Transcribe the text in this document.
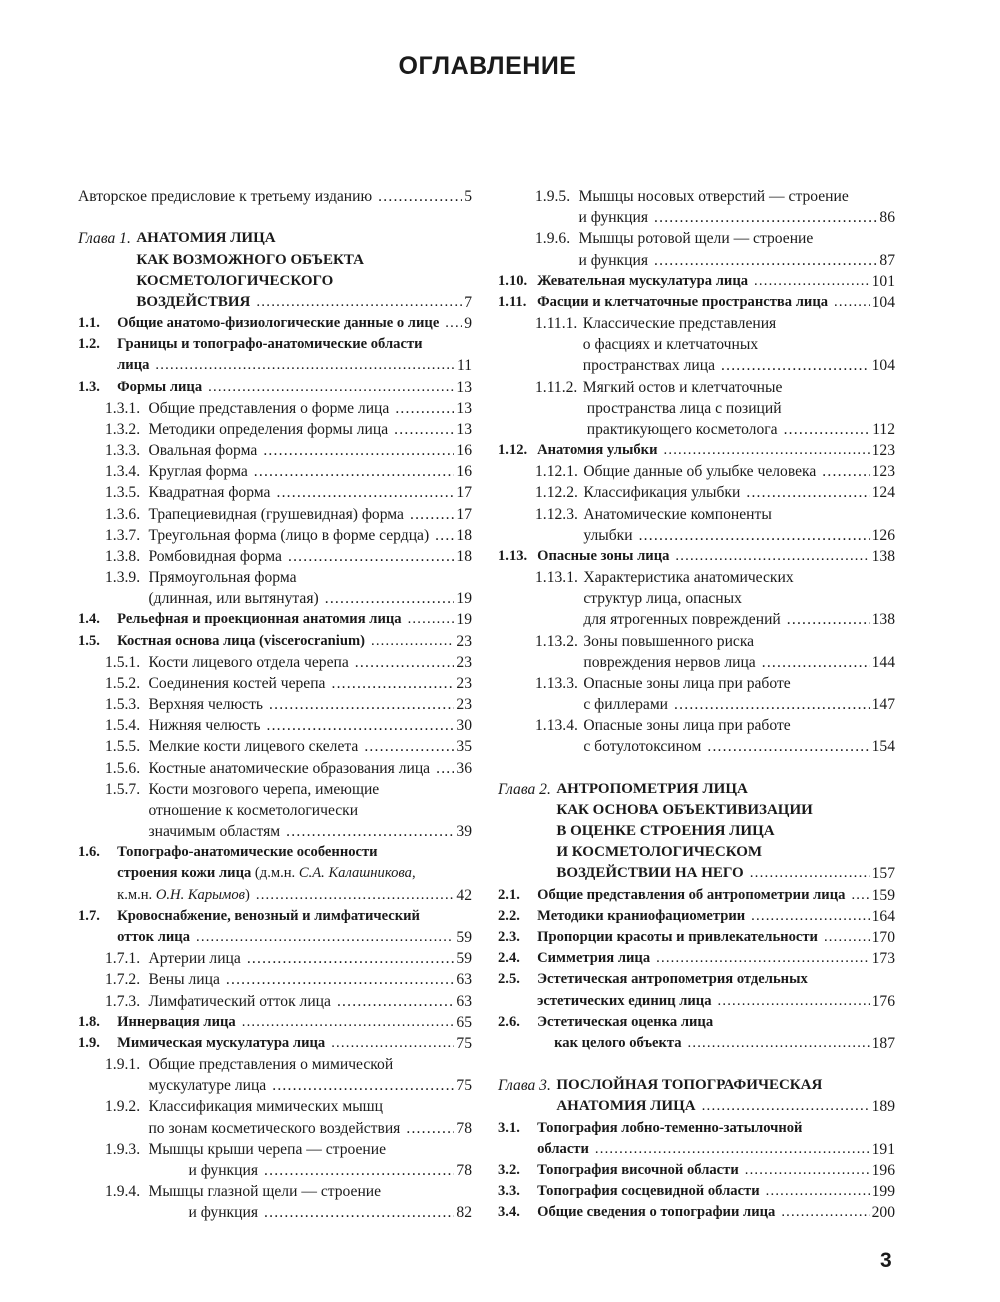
ОГЛАВЛЕНИЕ
Авторское предисловие к третьему изданию .....	5
Глава 1. АНАТОМИЯ ЛИЦА
КАК ВОЗМОЖНОГО ОБЪЕКТА
КОСМЕТОЛОГИЧЕСКОГО
ВОЗДЕЙСТВИЯ .....	7
1.1.	Общие анатомо-физиологические данные о лице ..... 9
1.2.	Границы и топографо-анатомические области
лица .....	11
1.3.	Формы лица .....	13
1.3.1. Общие представления о форме лица .....	13
1.3.2. Методики определения формы лица .....	13
1.3.3. Овальная форма .....	16
1.3.4. Круглая форма .....	16
1.3.5. Квадратная форма .....	17
1.3.6. Трапециевидная (грушевидная) форма .....	17
1.3.7. Треугольная форма (лицо в форме сердца) ..... 18
1.3.8. Ромбовидная форма .....	18
1.3.9. Прямоугольная форма
(длинная, или вытянутая) .....	19
1.4.	Рельефная и проекционная анатомия лица .....	19
1.5.	Костная основа лица (viscerocranium) .....	23
1.5.1. Кости лицевого отдела черепа .....	23
1.5.2. Соединения костей черепа .....	23
1.5.3. Верхняя челюсть .....	23
1.5.4. Нижняя челюсть .....	30
1.5.5. Мелкие кости лицевого скелета .....	35
1.5.6. Костные анатомические образования лица ..... 36
1.5.7. Кости мозгового черепа, имеющие
отношение к косметологически
значимым областям .....	39
1.6.	Топографо-анатомические особенности
строения кожи лица (д.м.н. С.А. Калашникова,
к.м.н. О.Н. Карымов) .....	42
1.7.	Кровоснабжение, венозный и лимфатический
отток лица .....	59
1.7.1. Артерии лица .....	59
1.7.2. Вены лица .....	63
1.7.3. Лимфатический отток лица .....	63
1.8.	Иннервация лица .....	65
1.9.	Мимическая мускулатура лица .....	75
1.9.1. Общие представления о мимической
мускулатуре лица .....	75
1.9.2. Классификация мимических мышц
по зонам косметического воздействия .....	78
1.9.3. Мышцы крыши черепа — строение
и функция .....	78
1.9.4. Мышцы глазной щели — строение
и функция .....	82
1.9.5. Мышцы носовых отверстий — строение
и функция .....	86
1.9.6. Мышцы ротовой щели — строение
и функция .....	87
1.10. Жевательная мускулатура лица .....	101
1.11. Фасции и клетчаточные пространства лица .....	104
1.11.1. Классические представления
о фасциях и клетчаточных
пространствах лица .....	104
1.11.2. Мягкий остов и клетчаточные
пространства лица с позиций
практикующего косметолога .....	112
1.12. Анатомия улыбки .....	123
1.12.1. Общие данные об улыбке человека .....	123
1.12.2. Классификация улыбки .....	124
1.12.3. Анатомические компоненты
улыбки .....	126
1.13. Опасные зоны лица .....	138
1.13.1. Характеристика анатомических
структур лица, опасных
для ятрогенных повреждений .....	138
1.13.2. Зоны повышенного риска
повреждения нервов лица .....	144
1.13.3. Опасные зоны лица при работе
с филлерами .....	147
1.13.4. Опасные зоны лица при работе
с ботулотоксином .....	154
Глава 2. АНТРОПОМЕТРИЯ ЛИЦА
КАК ОСНОВА ОБЪЕКТИВИЗАЦИИ
В ОЦЕНКЕ СТРОЕНИЯ ЛИЦА
И КОСМЕТОЛОГИЧЕСКОМ
ВОЗДЕЙСТВИИ НА НЕГО .....	157
2.1.	Общие представления об антропометрии лица ..... 159
2.2.	Методики краниофациометрии .....	164
2.3.	Пропорции красоты и привлекательности .....	170
2.4.	Симметрия лица .....	173
2.5.	Эстетическая антропометрия отдельных
эстетических единиц лица .....	176
2.6.	Эстетическая оценка лица
как целого объекта .....	187
Глава 3. ПОСЛОЙНАЯ ТОПОГРАФИЧЕСКАЯ
АНАТОМИЯ ЛИЦА .....	189
3.1.	Топография лобно-теменно-затылочной
области .....	191
3.2.	Топография височной области .....	196
3.3.	Топография сосцевидной области .....	199
3.4.	Общие сведения о топографии лица .....	200
3
